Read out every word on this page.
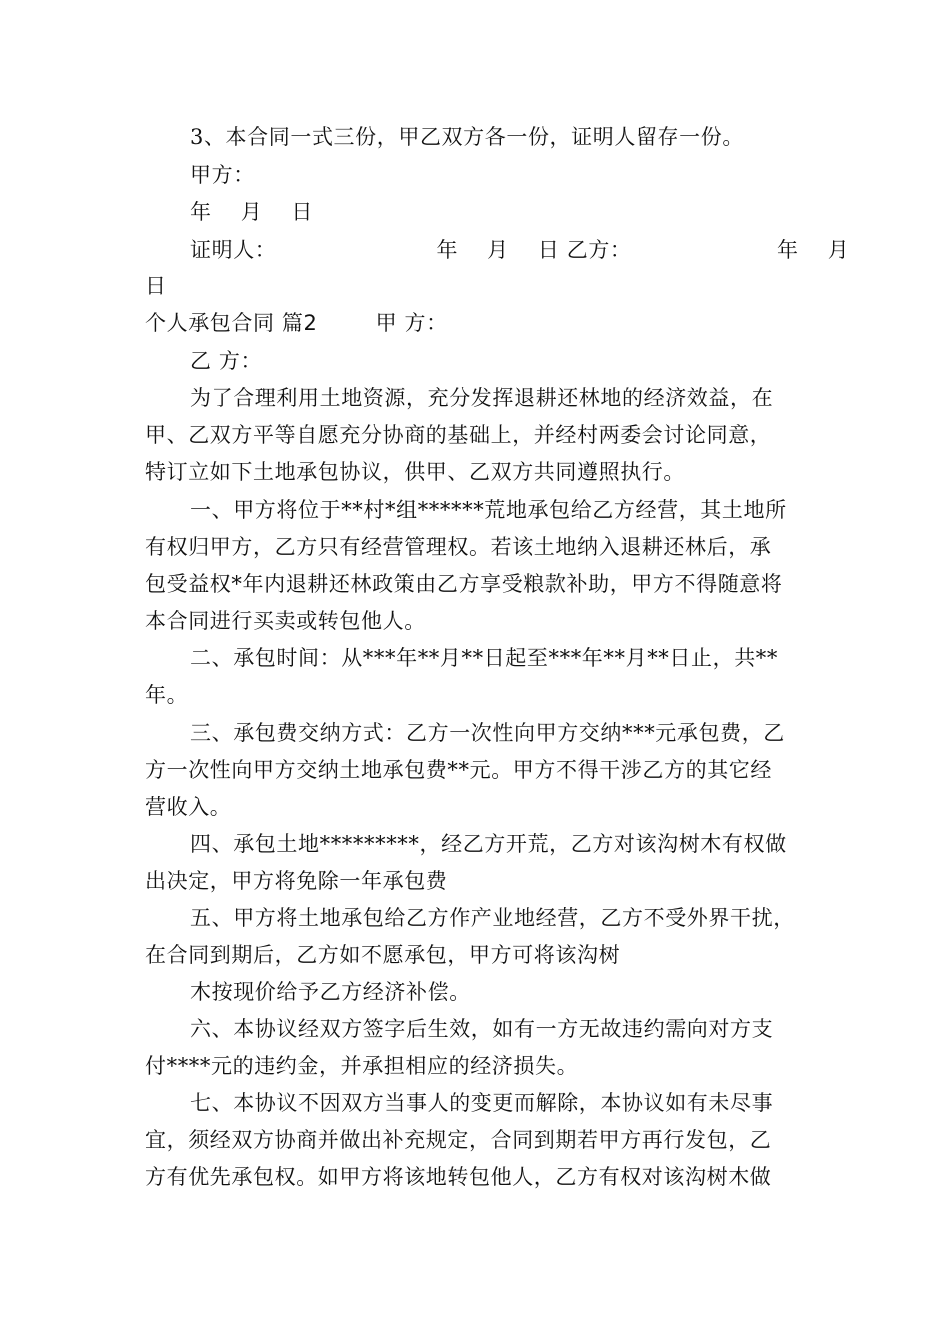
3、本合同一式三份，甲乙双方各一份，证明人留存一份。
甲方：
年    月    日
证明人：                      年    月    日 乙方：                    年    月
日
个人承包合同 篇2        甲 方：
乙 方：
为了合理利用土地资源，充分发挥退耕还林地的经济效益，在
甲、乙双方平等自愿充分协商的基础上，并经村两委会讨论同意，
特订立如下土地承包协议，供甲、乙双方共同遵照执行。
一、甲方将位于**村*组******荒地承包给乙方经营，其土地所
有权归甲方，乙方只有经营管理权。若该土地纳入退耕还林后，承
包受益权*年内退耕还林政策由乙方享受粮款补助，甲方不得随意将
本合同进行买卖或转包他人。
二、承包时间：从***年**月**日起至***年**月**日止，共**
年。
三、承包费交纳方式：乙方一次性向甲方交纳***元承包费，乙
方一次性向甲方交纳土地承包费**元。甲方不得干涉乙方的其它经
营收入。
四、承包土地*********，经乙方开荒，乙方对该沟树木有权做
出决定，甲方将免除一年承包费
五、甲方将土地承包给乙方作产业地经营，乙方不受外界干扰，
在合同到期后，乙方如不愿承包，甲方可将该沟树
木按现价给予乙方经济补偿。
六、本协议经双方签字后生效，如有一方无故违约需向对方支
付****元的违约金，并承担相应的经济损失。
七、本协议不因双方当事人的变更而解除，本协议如有未尽事
宜，须经双方协商并做出补充规定，合同到期若甲方再行发包，乙
方有优先承包权。如甲方将该地转包他人，乙方有权对该沟树木做
